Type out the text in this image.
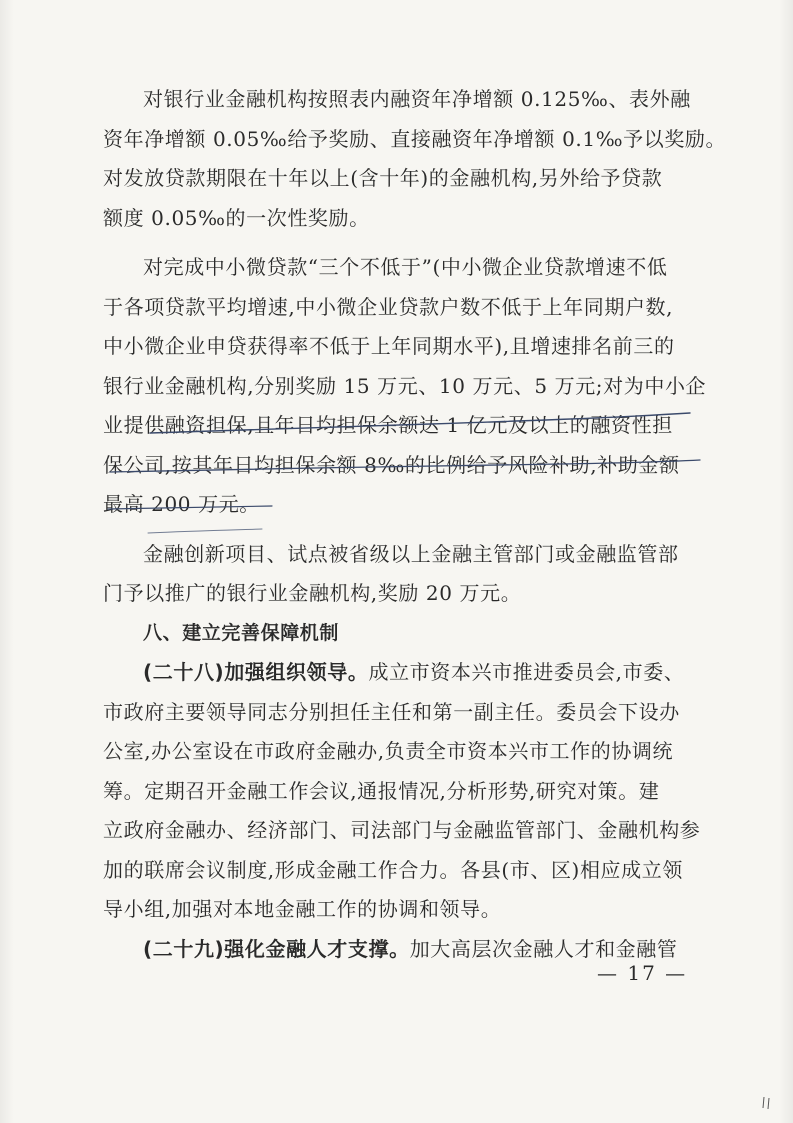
对银行业金融机构按照表内融资年净增额 0.125‰、表外融
资年净增额 0.05‰给予奖励、直接融资年净增额 0.1‰予以奖励。
对发放贷款期限在十年以上(含十年)的金融机构,另外给予贷款
额度 0.05‰的一次性奖励。

对完成中小微贷款“三个不低于”(中小微企业贷款增速不低
于各项贷款平均增速,中小微企业贷款户数不低于上年同期户数,
中小微企业申贷获得率不低于上年同期水平),且增速排名前三的
银行业金融机构,分别奖励 15 万元、10 万元、5 万元;对为中小企
业提供融资担保,且年日均担保余额达 1 亿元及以上的融资性担
保公司,按其年日均担保余额 8‰的比例给予风险补助,补助金额
最高 200 万元。

金融创新项目、试点被省级以上金融主管部门或金融监管部
门予以推广的银行业金融机构,奖励 20 万元。

八、建立完善保障机制

(二十八)加强组织领导。成立市资本兴市推进委员会,市委、
市政府主要领导同志分别担任主任和第一副主任。委员会下设办
公室,办公室设在市政府金融办,负责全市资本兴市工作的协调统
筹。定期召开金融工作会议,通报情况,分析形势,研究对策。建
立政府金融办、经济部门、司法部门与金融监管部门、金融机构参
加的联席会议制度,形成金融工作合力。各县(市、区)相应成立领
导小组,加强对本地金融工作的协调和领导。

(二十九)强化金融人才支撑。加大高层次金融人才和金融管

— 17 —
